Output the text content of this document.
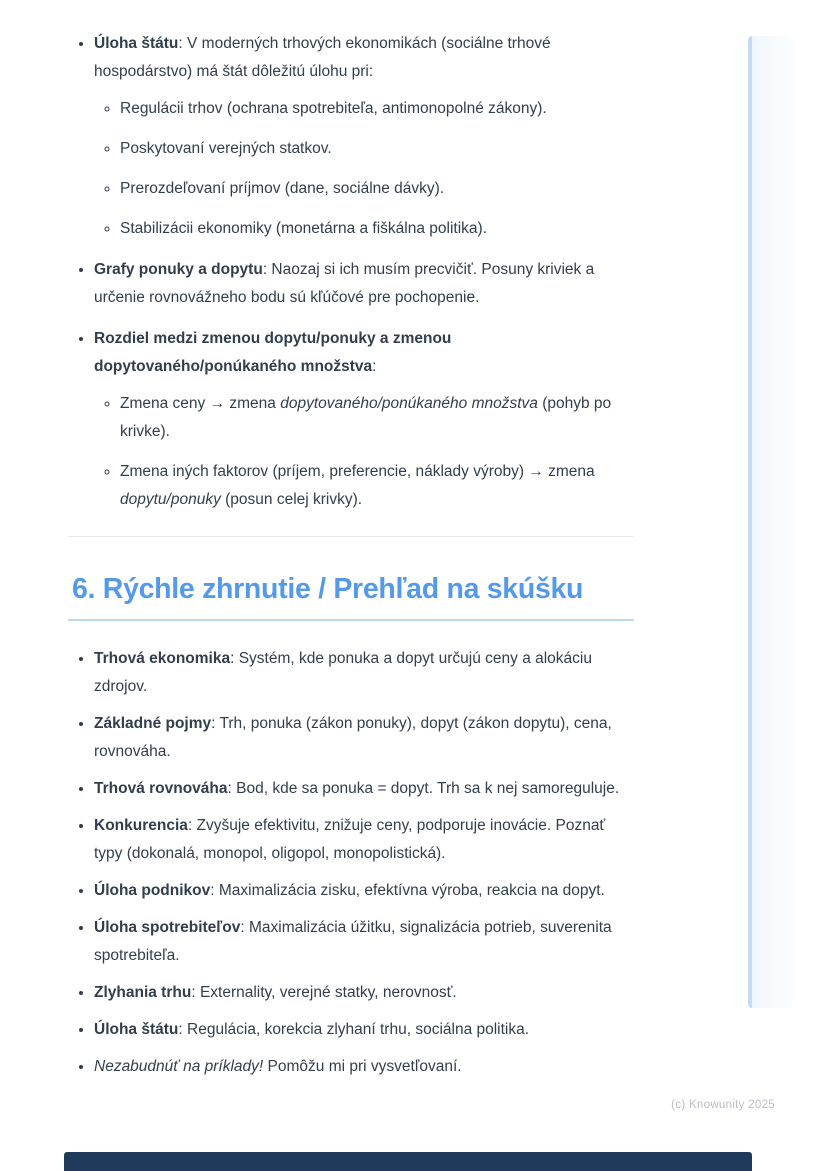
• Úloha štátu: V moderných trhových ekonomikách (sociálne trhové hospodárstvo) má štát dôležitú úlohu pri:
◦ Regulácii trhov (ochrana spotrebiteľa, antimonopolné zákony).
◦ Poskytovaní verejných statkov.
◦ Prerozdeľovaní príjmov (dane, sociálne dávky).
◦ Stabilizácii ekonomiky (monetárna a fiškálna politika).
• Grafy ponuky a dopytu: Naozaj si ich musím precvičiť. Posuny kriviek a určenie rovnovážneho bodu sú kľúčové pre pochopenie.
• Rozdiel medzi zmenou dopytu/ponuky a zmenou dopytovaného/ponúkaného množstva:
◦ Zmena ceny → zmena dopytovaného/ponúkaného množstva (pohyb po krivke).
◦ Zmena iných faktorov (príjem, preferencie, náklady výroby) → zmena dopytu/ponuky (posun celej krivky).
6. Rýchle zhrnutie / Prehľad na skúšku
• Trhová ekonomika: Systém, kde ponuka a dopyt určujú ceny a alokáciu zdrojov.
• Základné pojmy: Trh, ponuka (zákon ponuky), dopyt (zákon dopytu), cena, rovnováha.
• Trhová rovnováha: Bod, kde sa ponuka = dopyt. Trh sa k nej samoreguluje.
• Konkurencia: Zvyšuje efektivitu, znižuje ceny, podporuje inovácie. Poznať typy (dokonalá, monopol, oligopol, monopolistická).
• Úloha podnikov: Maximalizácia zisku, efektívna výroba, reakcia na dopyt.
• Úloha spotrebiteľov: Maximalizácia úžitku, signalizácia potrieb, suverenita spotrebiteľa.
• Zlyhania trhu: Externality, verejné statky, nerovnosť.
• Úloha štátu: Regulácia, korekcia zlyhaní trhu, sociálna politika.
• Nezabudnúť na príklady! Pomôžu mi pri vysvetľovaní.
(c) Knowunity 2025
